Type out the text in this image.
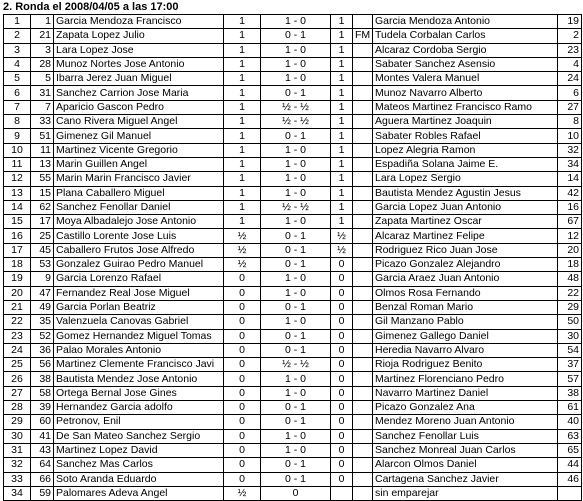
2. Ronda el 2008/04/05 a las 17:00
1	1	Garcia Mendoza Francisco	1	1 - 0	1		Garcia Mendoza Antonio	19
2	21	Zapata Lopez Julio	1	0 - 1	1	FM	Tudela Corbalan Carlos	2
3	3	Lara Lopez Jose	1	1 - 0	1		Alcaraz Cordoba Sergio	23
4	28	Munoz Nortes Jose Antonio	1	1 - 0	1		Sabater Sanchez Asensio	4
5	5	Ibarra Jerez Juan Miguel	1	1 - 0	1		Montes Valera Manuel	24
6	31	Sanchez Carrion Jose Maria	1	0 - 1	1		Munoz Navarro Alberto	6
7	7	Aparicio Gascon Pedro	1	½ - ½	1		Mateos Martinez Francisco Ramo	27
8	33	Cano Rivera Miguel Angel	1	½ - ½	1		Aguera Martinez Joaquin	8
9	51	Gimenez Gil Manuel	1	0 - 1	1		Sabater Robles Rafael	10
10	11	Martinez Vicente Gregorio	1	1 - 0	1		Lopez Alegria Ramon	32
11	13	Marin Guillen Angel	1	1 - 0	1		Espadiña Solana Jaime E.	34
12	55	Marin Marin Francisco Javier	1	1 - 0	1		Lara Lopez Sergio	14
13	15	Plana Caballero Miguel	1	1 - 0	1		Bautista Mendez Agustin Jesus	42
14	62	Sanchez Fenollar Daniel	1	½ - ½	1		Garcia Lopez Juan Antonio	16
15	17	Moya Albadalejo Jose Antonio	1	1 - 0	1		Zapata Martinez Oscar	67
16	25	Castillo Lorente Jose Luis	½	0 - 1	½		Alcaraz Martinez Felipe	12
17	45	Caballero Frutos Jose Alfredo	½	0 - 1	½		Rodriguez Rico Juan Jose	20
18	53	Gonzalez Guirao Pedro Manuel	½	0 - 1	0		Picazo Gonzalez Alejandro	18
19	9	Garcia Lorenzo Rafael	0	1 - 0	0		Garcia Araez Juan Antonio	48
20	47	Fernandez Real Jose Miguel	0	1 - 0	0		Olmos Rosa Fernando	22
21	49	Garcia Porlan Beatriz	0	0 - 1	0		Benzal Roman Mario	29
22	35	Valenzuela Canovas Gabriel	0	1 - 0	0		Gil Manzano Pablo	50
23	52	Gomez Hernandez Miguel Tomas	0	0 - 1	0		Gimenez Gallego Daniel	30
24	36	Palao Morales Antonio	0	0 - 1	0		Heredia Navarro Alvaro	54
25	56	Martinez Clemente Francisco Javi	0	½ - ½	0		Rioja Rodriguez Benito	37
26	38	Bautista Mendez Jose Antonio	0	1 - 0	0		Martinez Florenciano Pedro	57
27	58	Ortega Bernal Jose Gines	0	1 - 0	0		Navarro Martinez Daniel	38
28	39	Hernandez Garcia adolfo	0	0 - 1	0		Picazo Gonzalez Ana	61
29	60	Petronov, Enil	0	0 - 1	0		Mendez Moreno Juan Antonio	40
30	41	De San Mateo Sanchez Sergio	0	1 - 0	0		Sanchez Fenollar Luis	63
31	43	Martinez Lopez David	0	1 - 0	0		Sanchez Monreal Juan Carlos	65
32	64	Sanchez Mas Carlos	0	0 - 1	0		Alarcon Olmos Daniel	44
33	66	Soto Aranda Eduardo	0	0 - 1	0		Cartagena Sanchez Javier	46
34	59	Palomares Adeva Angel	½	0			sin emparejar	
